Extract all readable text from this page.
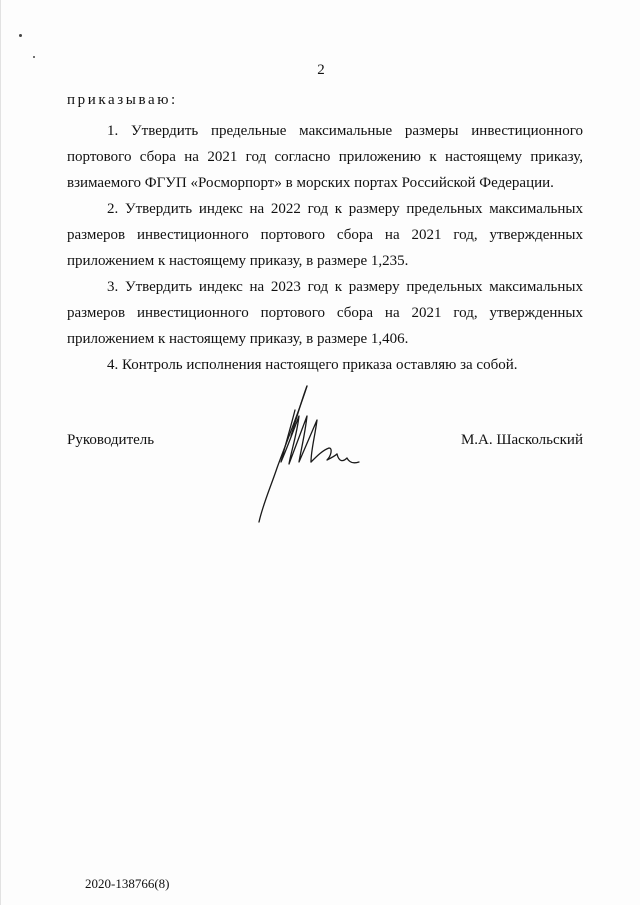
2
приказываю:

1. Утвердить предельные максимальные размеры инвестиционного портового сбора на 2021 год согласно приложению к настоящему приказу, взимаемого ФГУП «Росморпорт» в морских портах Российской Федерации.

2. Утвердить индекс на 2022 год к размеру предельных максимальных размеров инвестиционного портового сбора на 2021 год, утвержденных приложением к настоящему приказу, в размере 1,235.

3. Утвердить индекс на 2023 год к размеру предельных максимальных размеров инвестиционного портового сбора на 2021 год, утвержденных приложением к настоящему приказу, в размере 1,406.

4. Контроль исполнения настоящего приказа оставляю за собой.

Руководитель	М.А. Шаскольский
2020-138766(8)
